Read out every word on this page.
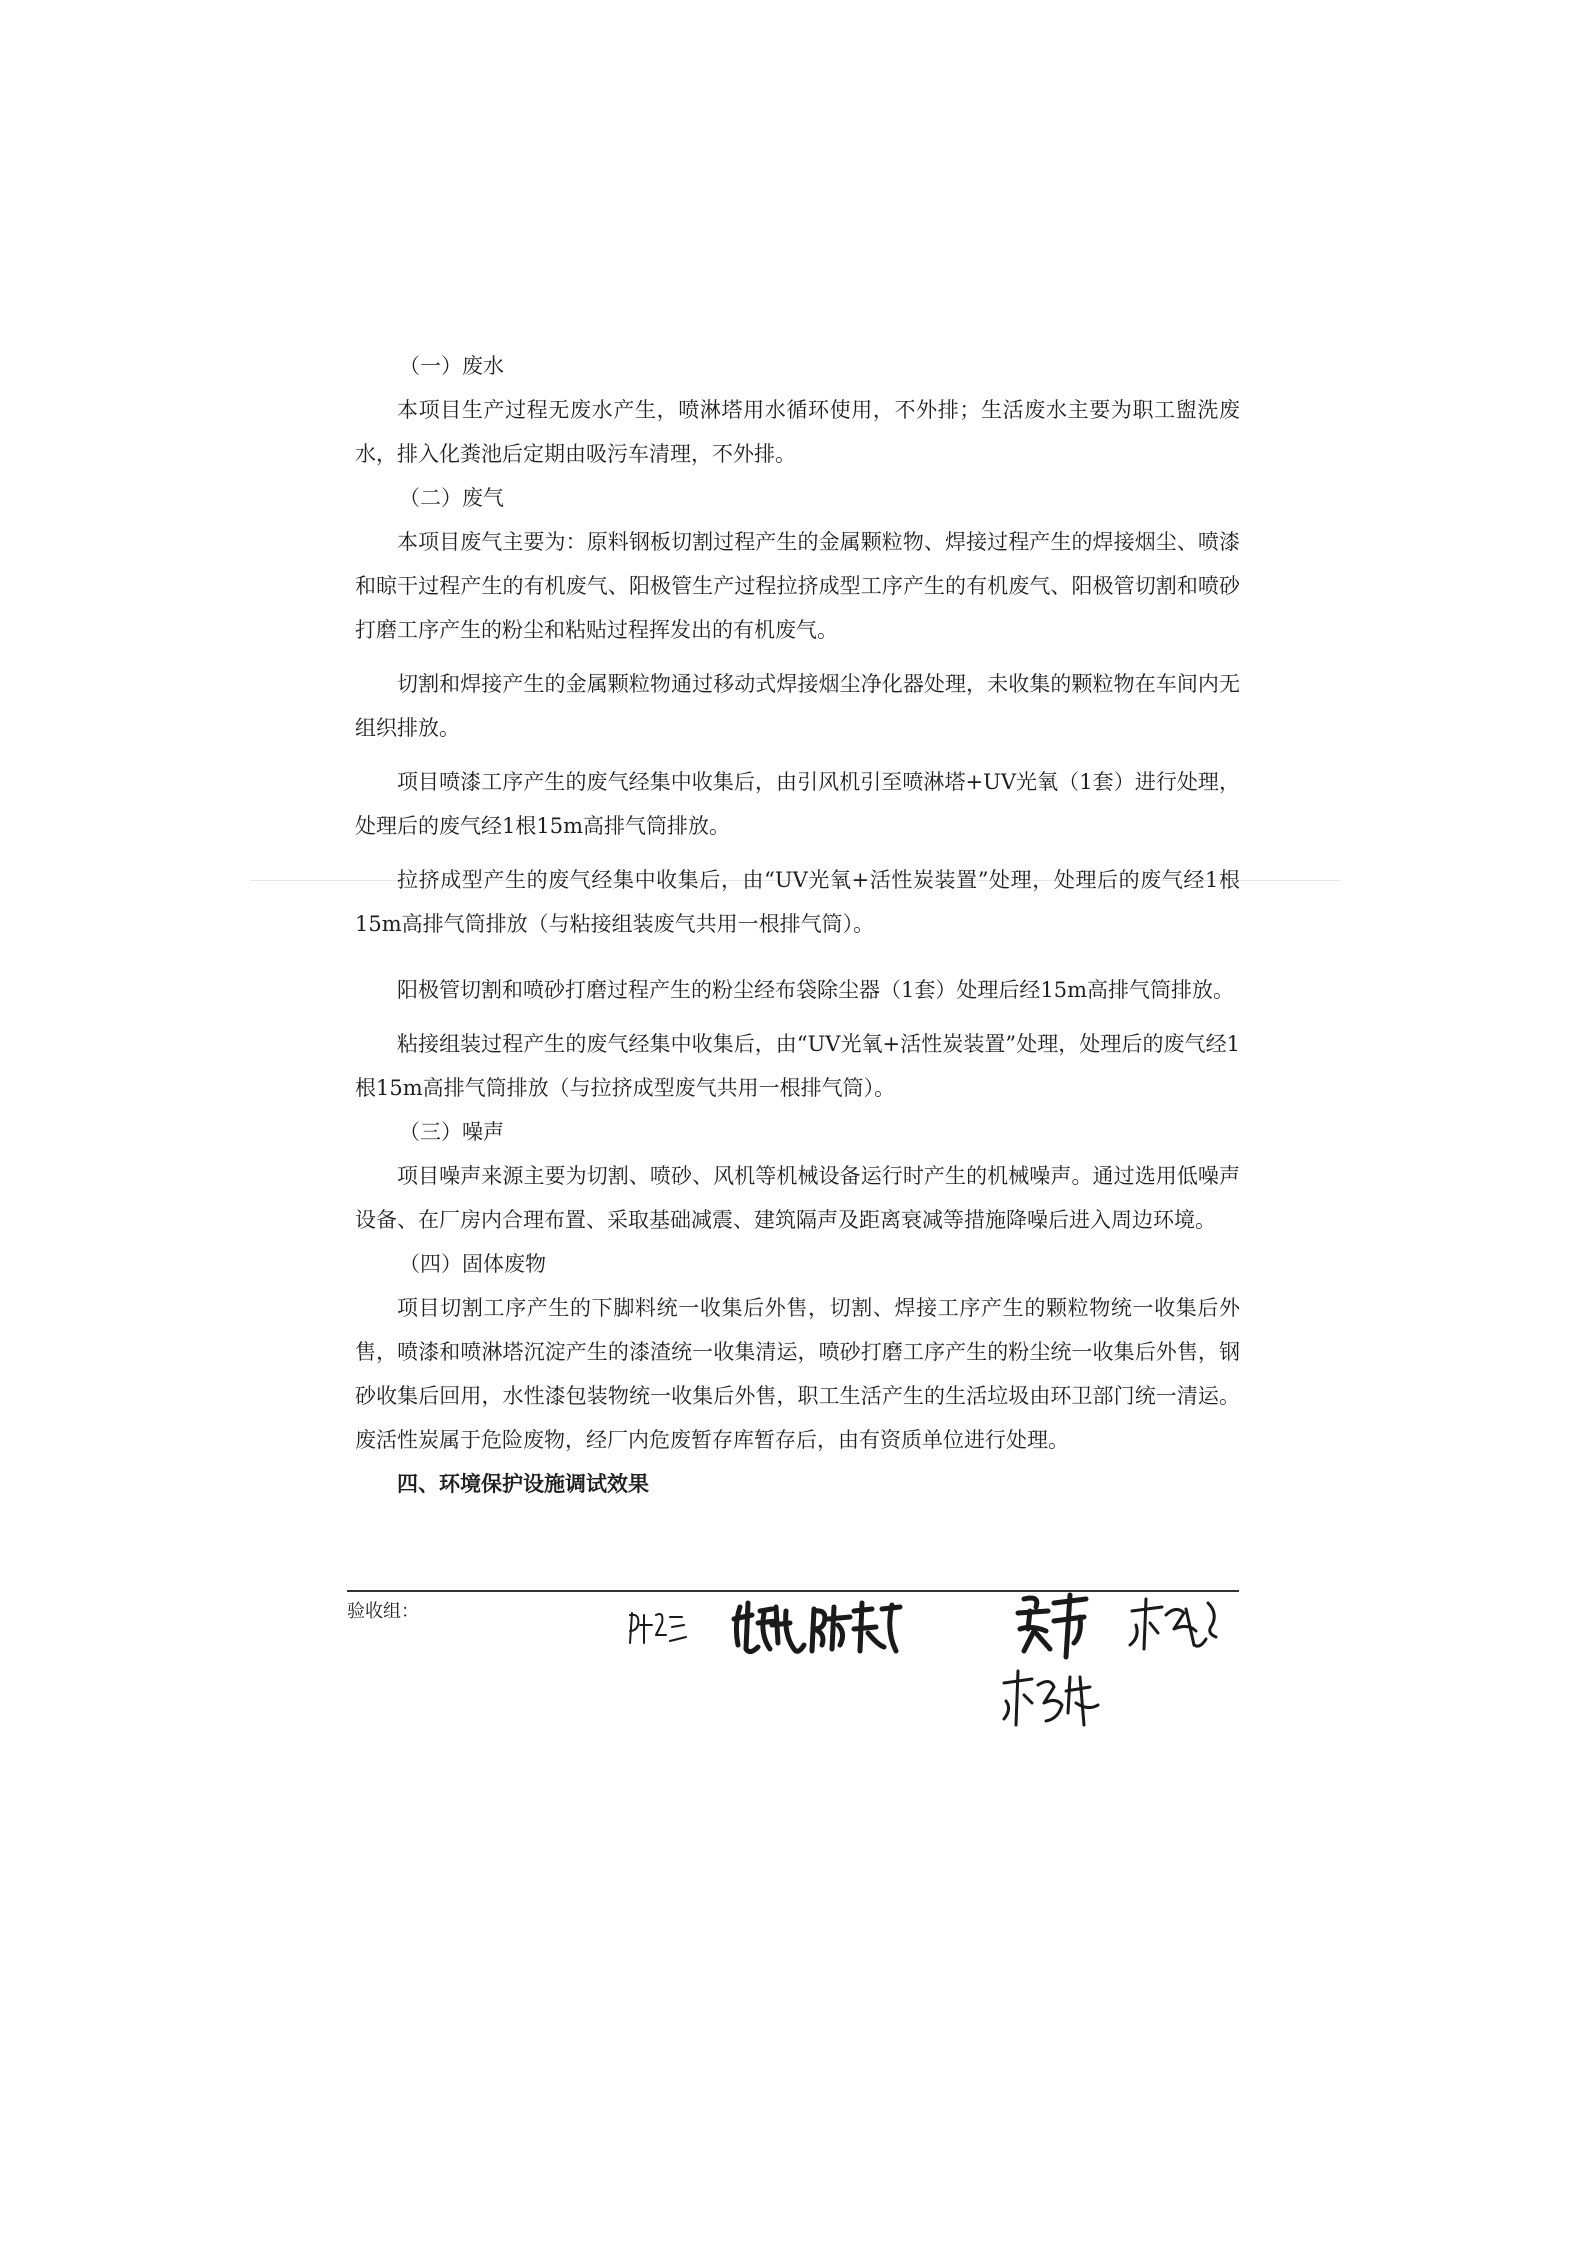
（一）废水

本项目生产过程无废水产生，喷淋塔用水循环使用，不外排；生活废水主要为职工盥洗废水，排入化粪池后定期由吸污车清理，不外排。

（二）废气

本项目废气主要为：原料钢板切割过程产生的金属颗粒物、焊接过程产生的焊接烟尘、喷漆和晾干过程产生的有机废气、阳极管生产过程拉挤成型工序产生的有机废气、阳极管切割和喷砂打磨工序产生的粉尘和粘贴过程挥发出的有机废气。

切割和焊接产生的金属颗粒物通过移动式焊接烟尘净化器处理，未收集的颗粒物在车间内无组织排放。

项目喷漆工序产生的废气经集中收集后，由引风机引至喷淋塔+UV光氧（1套）进行处理，处理后的废气经1根15m高排气筒排放。

拉挤成型产生的废气经集中收集后，由“UV光氧+活性炭装置”处理，处理后的废气经1根15m高排气筒排放（与粘接组装废气共用一根排气筒）。

阳极管切割和喷砂打磨过程产生的粉尘经布袋除尘器（1套）处理后经15m高排气筒排放。

粘接组装过程产生的废气经集中收集后，由“UV光氧+活性炭装置”处理，处理后的废气经1根15m高排气筒排放（与拉挤成型废气共用一根排气筒）。

（三）噪声

项目噪声来源主要为切割、喷砂、风机等机械设备运行时产生的机械噪声。通过选用低噪声设备、在厂房内合理布置、采取基础减震、建筑隔声及距离衰减等措施降噪后进入周边环境。

（四）固体废物

项目切割工序产生的下脚料统一收集后外售，切割、焊接工序产生的颗粒物统一收集后外售，喷漆和喷淋塔沉淀产生的漆渣统一收集清运，喷砂打磨工序产生的粉尘统一收集后外售，钢砂收集后回用，水性漆包装物统一收集后外售，职工生活产生的生活垃圾由环卫部门统一清运。废活性炭属于危险废物，经厂内危废暂存库暂存后，由有资质单位进行处理。

四、环境保护设施调试效果

验收组：
